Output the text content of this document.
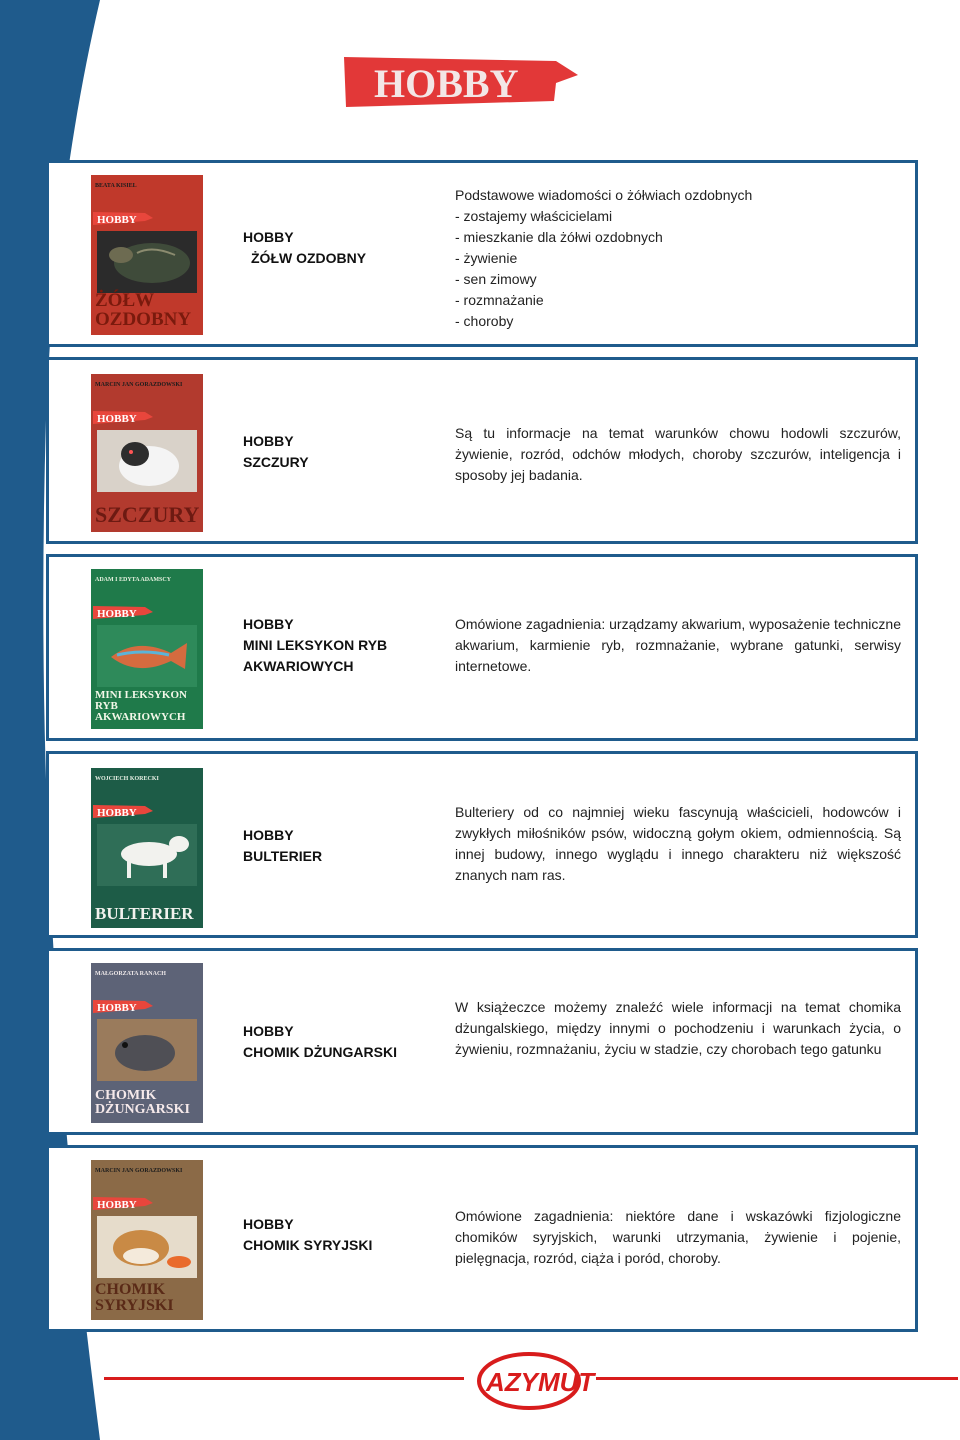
HOBBY
BEATA KISIEL
HOBBY
ŻÓŁW OZDOBNY
HOBBY
ŻÓŁW OZDOBNY
Podstawowe wiadomości o żółwiach ozdobnych
- zostajemy właścicielami
- mieszkanie dla żółwi ozdobnych
- żywienie
- sen zimowy
- rozmnażanie
- choroby
MARCIN JAN GORAZDOWSKI
HOBBY
SZCZURY
HOBBY
SZCZURY
Są tu informacje na temat warunków chowu hodowli szczurów, żywienie, rozród, odchów młodych, choroby szczurów, inteligencja i sposoby jej badania.
ADAM I EDYTA ADAMSCY
HOBBY
MINI LEKSYKON RYB AKWARIOWYCH
HOBBY
MINI LEKSYKON RYB
AKWARIOWYCH
Omówione zagadnienia: urządzamy akwarium, wyposażenie techniczne akwarium, karmienie ryb, rozmnażanie, wybrane gatunki, serwisy internetowe.
WOJCIECH KORECKI
HOBBY
BULTERIER
HOBBY
BULTERIER
Bulteriery od co najmniej wieku fascynują właścicieli, hodowców i zwykłych miłośników psów, widoczną gołym okiem, odmiennością. Są innej budowy, innego wyglądu i innego charakteru niż większość znanych nam ras.
MAŁGORZATA RANACH
HOBBY
CHOMIK DŻUNGARSKI
HOBBY
CHOMIK DŻUNGARSKI
W książeczce możemy znaleźć wiele informacji na temat chomika dżungalskiego, między innymi o pochodzeniu i warunkach życia, o żywieniu, rozmnażaniu, życiu w stadzie, czy chorobach tego gatunku
MARCIN JAN GORAZDOWSKI
HOBBY
CHOMIK SYRYJSKI
HOBBY
CHOMIK SYRYJSKI
Omówione zagadnienia: niektóre dane i wskazówki fizjologiczne chomików syryjskich, warunki utrzymania, żywienie i pojenie, pielęgnacja, rozród, ciąża i poród, choroby.
AZYMUT
